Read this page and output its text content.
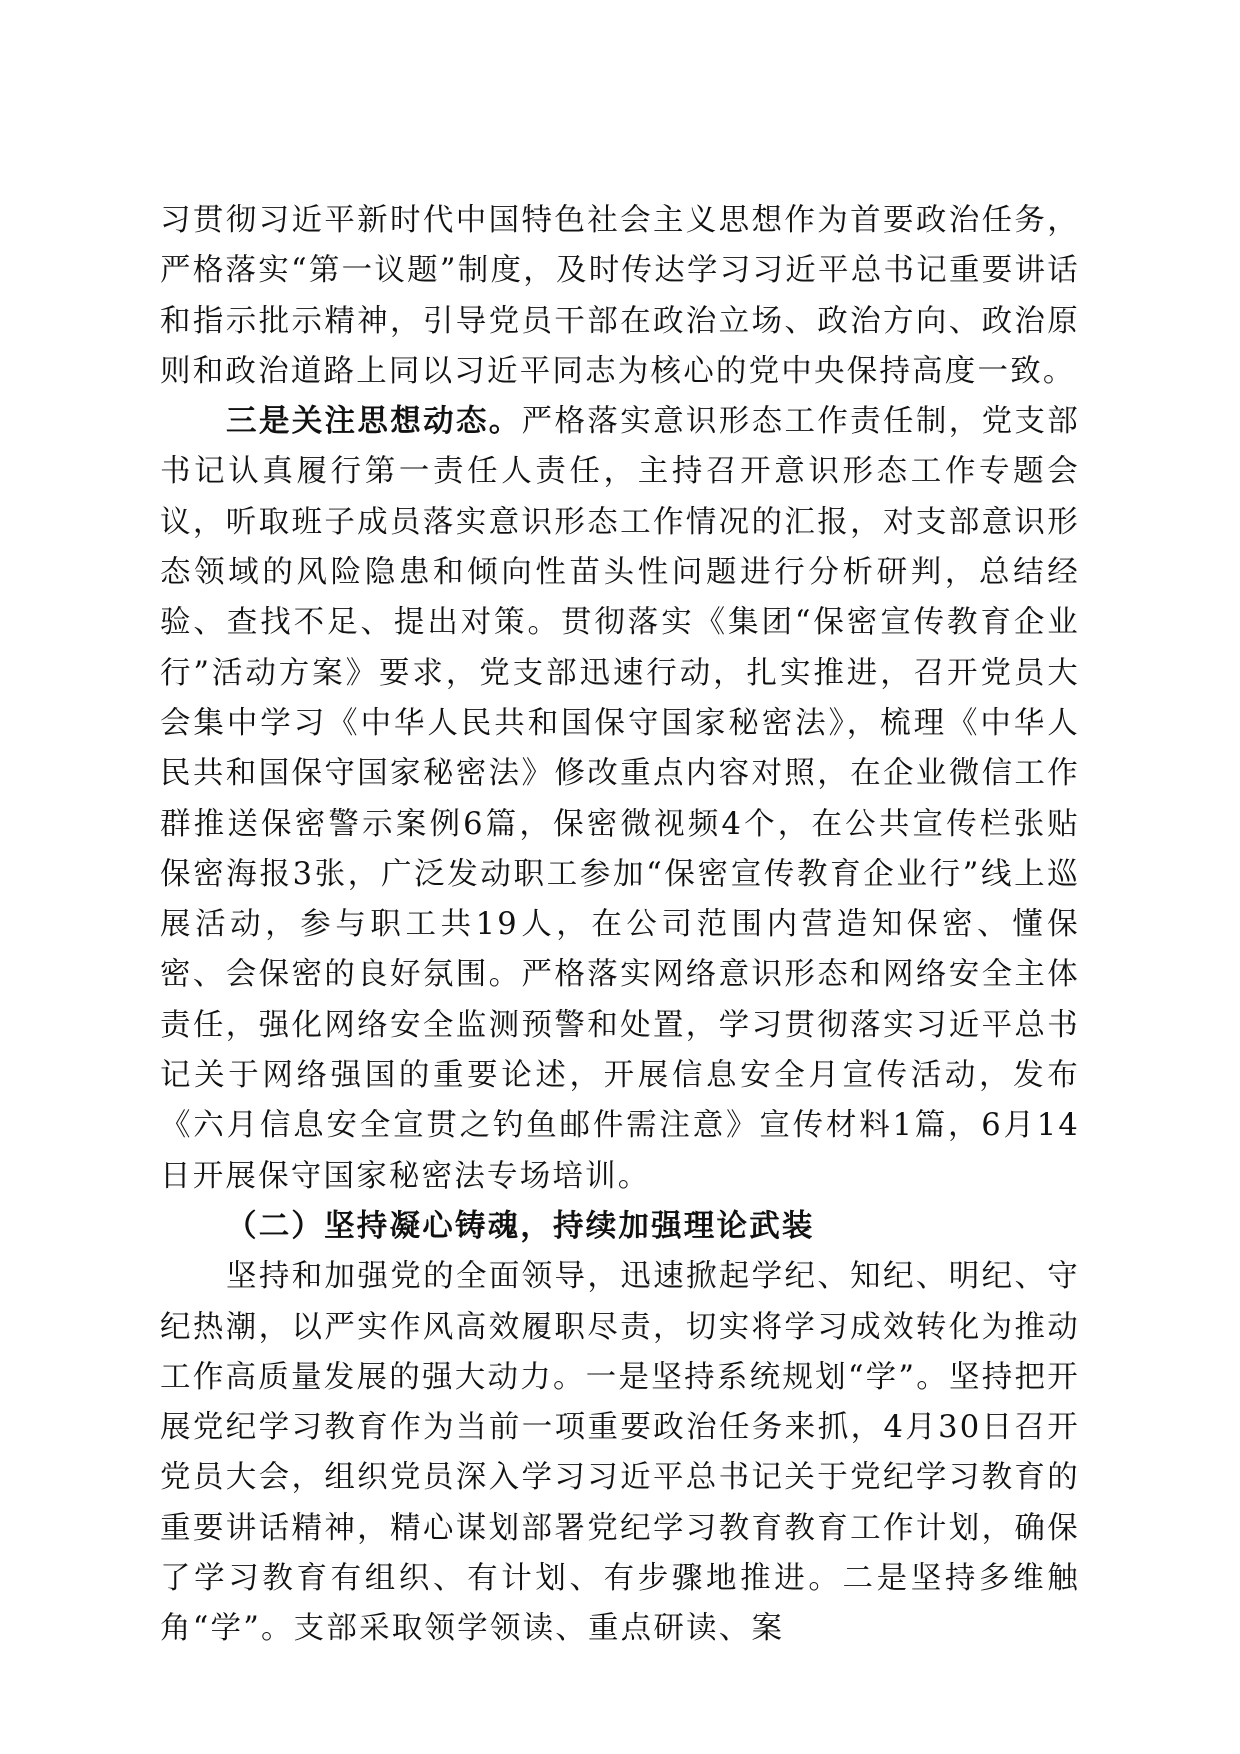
习贯彻习近平新时代中国特色社会主义思想作为首要政治任务，严格落实“第一议题”制度，及时传达学习习近平总书记重要讲话和指示批示精神，引导党员干部在政治立场、政治方向、政治原则和政治道路上同以习近平同志为核心的党中央保持高度一致。

三是关注思想动态。严格落实意识形态工作责任制，党支部书记认真履行第一责任人责任，主持召开意识形态工作专题会议，听取班子成员落实意识形态工作情况的汇报，对支部意识形态领域的风险隐患和倾向性苗头性问题进行分析研判，总结经验、查找不足、提出对策。贯彻落实《集团“保密宣传教育企业行”活动方案》要求，党支部迅速行动，扎实推进，召开党员大会集中学习《中华人民共和国保守国家秘密法》，梳理《中华人民共和国保守国家秘密法》修改重点内容对照，在企业微信工作群推送保密警示案例6篇，保密微视频4个，在公共宣传栏张贴保密海报3张，广泛发动职工参加“保密宣传教育企业行”线上巡展活动，参与职工共19人，在公司范围内营造知保密、懂保密、会保密的良好氛围。严格落实网络意识形态和网络安全主体责任，强化网络安全监测预警和处置，学习贯彻落实习近平总书记关于网络强国的重要论述，开展信息安全月宣传活动，发布《六月信息安全宣贯之钓鱼邮件需注意》宣传材料1篇，6月14日开展保守国家秘密法专场培训。

（二）坚持凝心铸魂，持续加强理论武装

坚持和加强党的全面领导，迅速掀起学纪、知纪、明纪、守纪热潮，以严实作风高效履职尽责，切实将学习成效转化为推动工作高质量发展的强大动力。一是坚持系统规划“学”。坚持把开展党纪学习教育作为当前一项重要政治任务来抓，4月30日召开党员大会，组织党员深入学习习近平总书记关于党纪学习教育的重要讲话精神，精心谋划部署党纪学习教育教育工作计划，确保了学习教育有组织、有计划、有步骤地推进。二是坚持多维触角“学”。支部采取领学领读、重点研读、案
